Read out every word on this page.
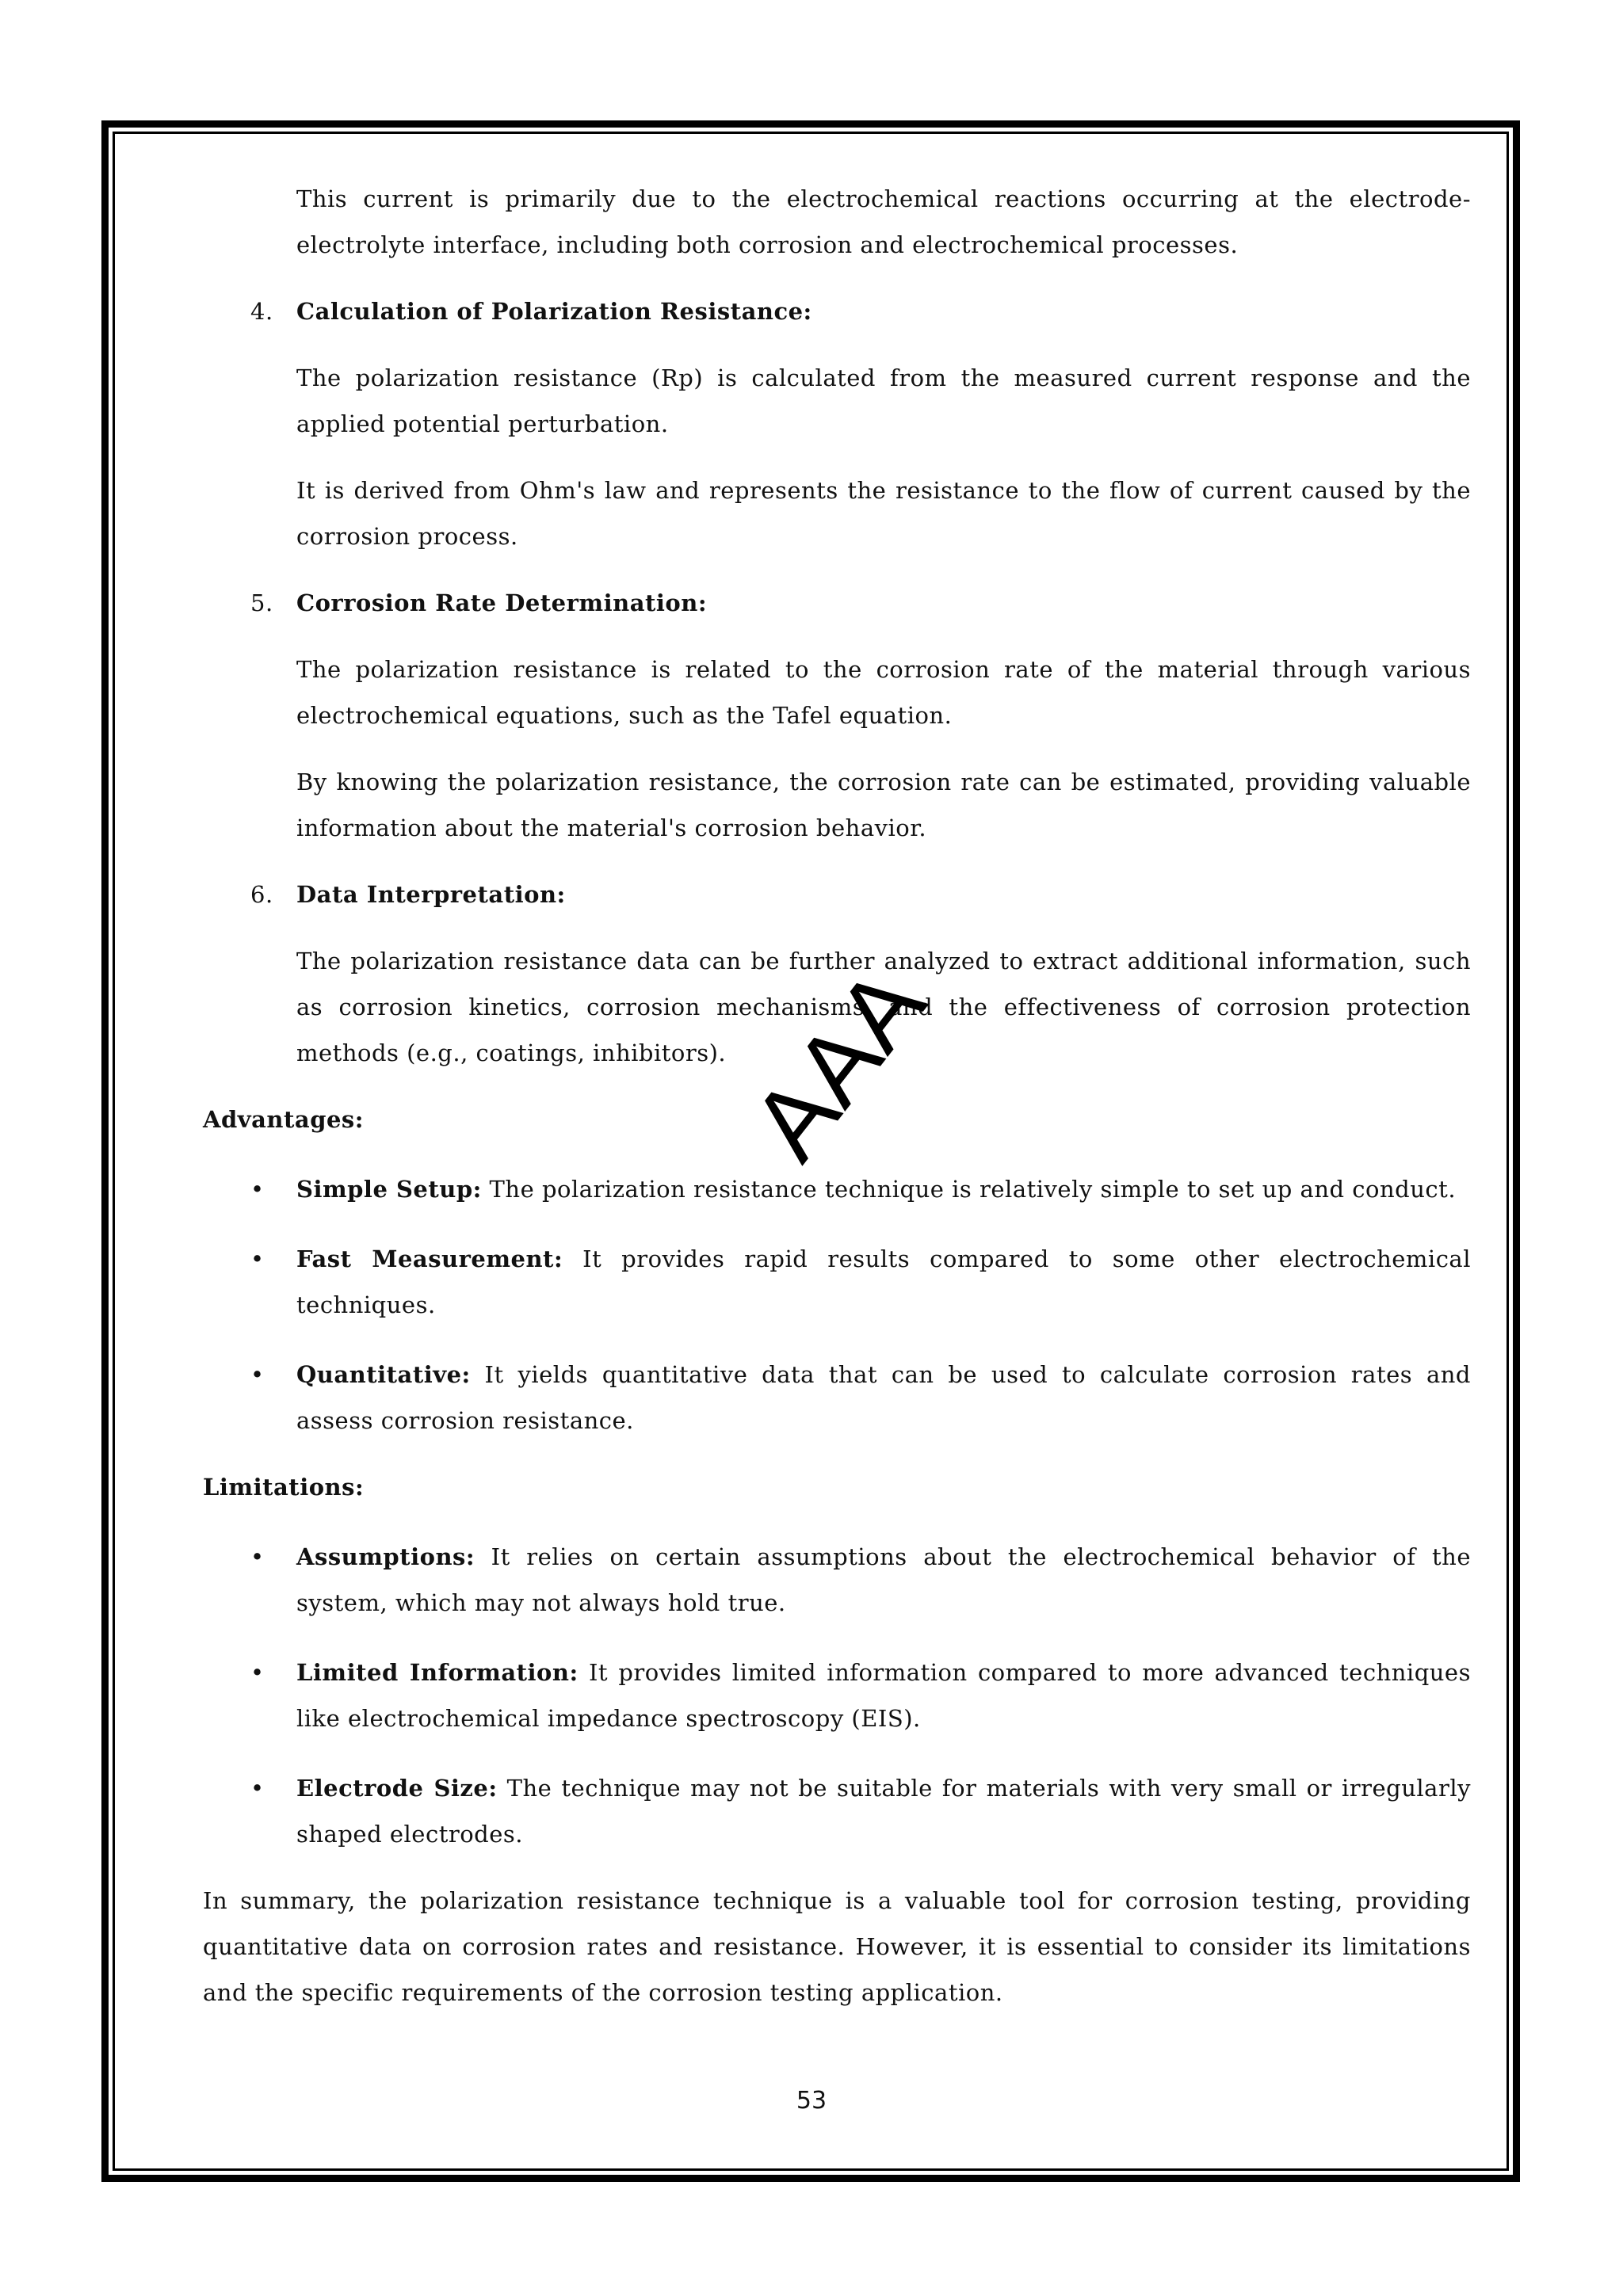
This current is primarily due to the electrochemical reactions occurring at the electrode-electrolyte interface, including both corrosion and electrochemical processes.

4. Calculation of Polarization Resistance:

The polarization resistance (Rp) is calculated from the measured current response and the applied potential perturbation.

It is derived from Ohm's law and represents the resistance to the flow of current caused by the corrosion process.

5. Corrosion Rate Determination:

The polarization resistance is related to the corrosion rate of the material through various electrochemical equations, such as the Tafel equation.

By knowing the polarization resistance, the corrosion rate can be estimated, providing valuable information about the material's corrosion behavior.

6. Data Interpretation:

The polarization resistance data can be further analyzed to extract additional information, such as corrosion kinetics, corrosion mechanisms, and the effectiveness of corrosion protection methods (e.g., coatings, inhibitors).

Advantages:
• Simple Setup: The polarization resistance technique is relatively simple to set up and conduct.

• Fast Measurement: It provides rapid results compared to some other electrochemical techniques.

• Quantitative: It yields quantitative data that can be used to calculate corrosion rates and assess corrosion resistance.

Limitations:
• Assumptions: It relies on certain assumptions about the electrochemical behavior of the system, which may not always hold true.

• Limited Information: It provides limited information compared to more advanced techniques like electrochemical impedance spectroscopy (EIS).

• Electrode Size: The technique may not be suitable for materials with very small or irregularly shaped electrodes.

In summary, the polarization resistance technique is a valuable tool for corrosion testing, providing quantitative data on corrosion rates and resistance. However, it is essential to consider its limitations and the specific requirements of the corrosion testing application.

53
AAA
